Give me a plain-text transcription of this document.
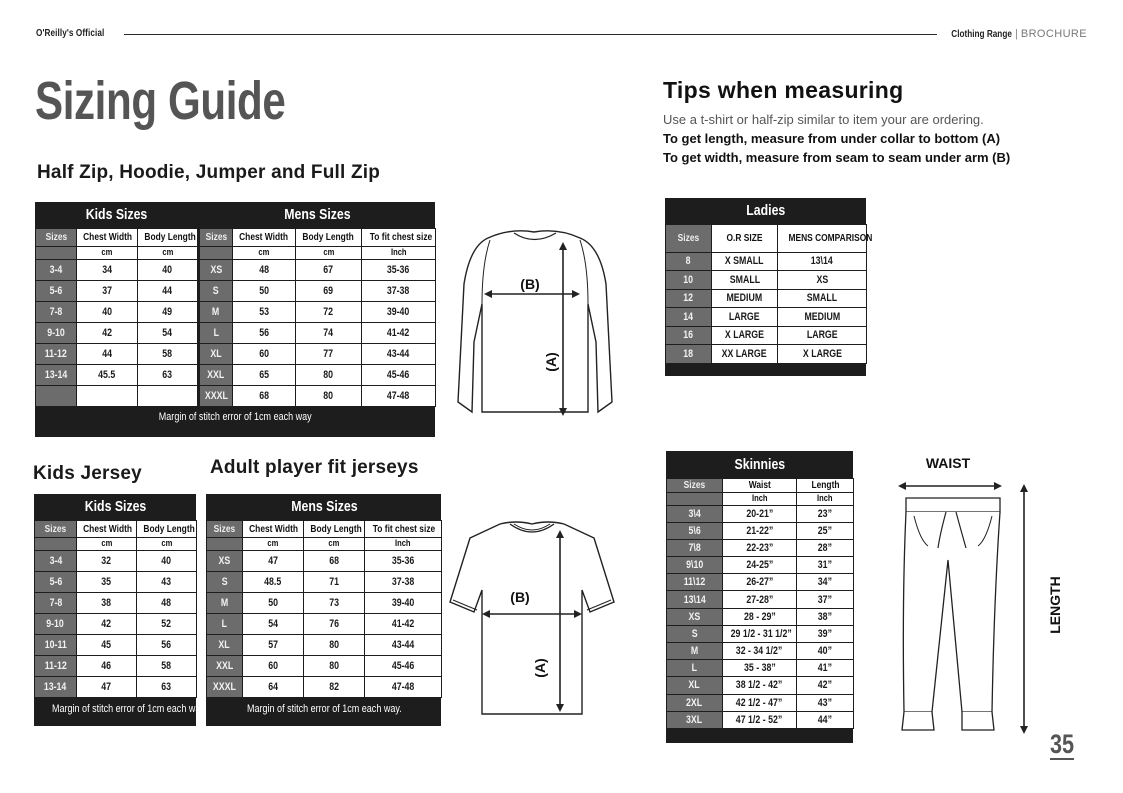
O'Reilly's Official	Clothing Range | BROCHURE
Sizing Guide	Tips when measuring
Use a t-shirt or half-zip similar to item your are ordering.
To get length, measure from under collar to bottom (A)
To get width, measure from seam to seam under arm (B)
Half Zip, Hoodie, Jumper and Full Zip
Kids Sizes			Mens Sizes			
Sizes	Chest Width	Body Length	Sizes	Chest Width	Body Length	To fit chest size
	cm	cm		cm	cm	Inch
3-4	34	40	XS	48	67	35-36
5-6	37	44	S	50	69	37-38
7-8	40	49	M	53	72	39-40
9-10	42	54	L	56	74	41-42
11-12	44	58	XL	60	77	43-44
13-14	45.5	63	XXL	65	80	45-46
			XXXL	68	80	47-48
Margin of stitch error of 1cm each way						
Kids Jersey
Kids Sizes		
Sizes	Chest Width	Body Length
	cm	cm
3-4	32	40
5-6	35	43
7-8	38	48
9-10	42	52
10-11	45	56
11-12	46	58
13-14	47	63
Margin of stitch error of 1cm each way.		
Adult player fit jerseys
Mens Sizes			
Sizes	Chest Width	Body Length	To fit chest size
	cm	cm	Inch
XS	47	68	35-36
S	48.5	71	37-38
M	50	73	39-40
L	54	76	41-42
XL	57	80	43-44
XXL	60	80	45-46
XXXL	64	82	47-48
Margin of stitch error of 1cm each way.			
Ladies		
Sizes	O.R SIZE	MENS COMPARISON
8	X SMALL	13\14
10	SMALL	XS
12	MEDIUM	SMALL
14	LARGE	MEDIUM
16	X LARGE	LARGE
18	XX LARGE	X LARGE
Skinnies		
Sizes	Waist	Length
	Inch	Inch
3\4	20-21”	23”
5\6	21-22”	25”
7\8	22-23”	28”
9\10	24-25”	31”
11\12	26-27”	34”
13\14	27-28”	37”
XS	28 - 29”	38”
S	29 1/2 - 31 1/2”	39”
M	32 - 34 1/2”	40”
L	35 - 38”	41”
XL	38 1/2 - 42”	42”
2XL	42 1/2 - 47”	43”
3XL	47 1/2 - 52”	44”
(B)
(A)
(B)
(A)
WAIST
LENGTH
35
